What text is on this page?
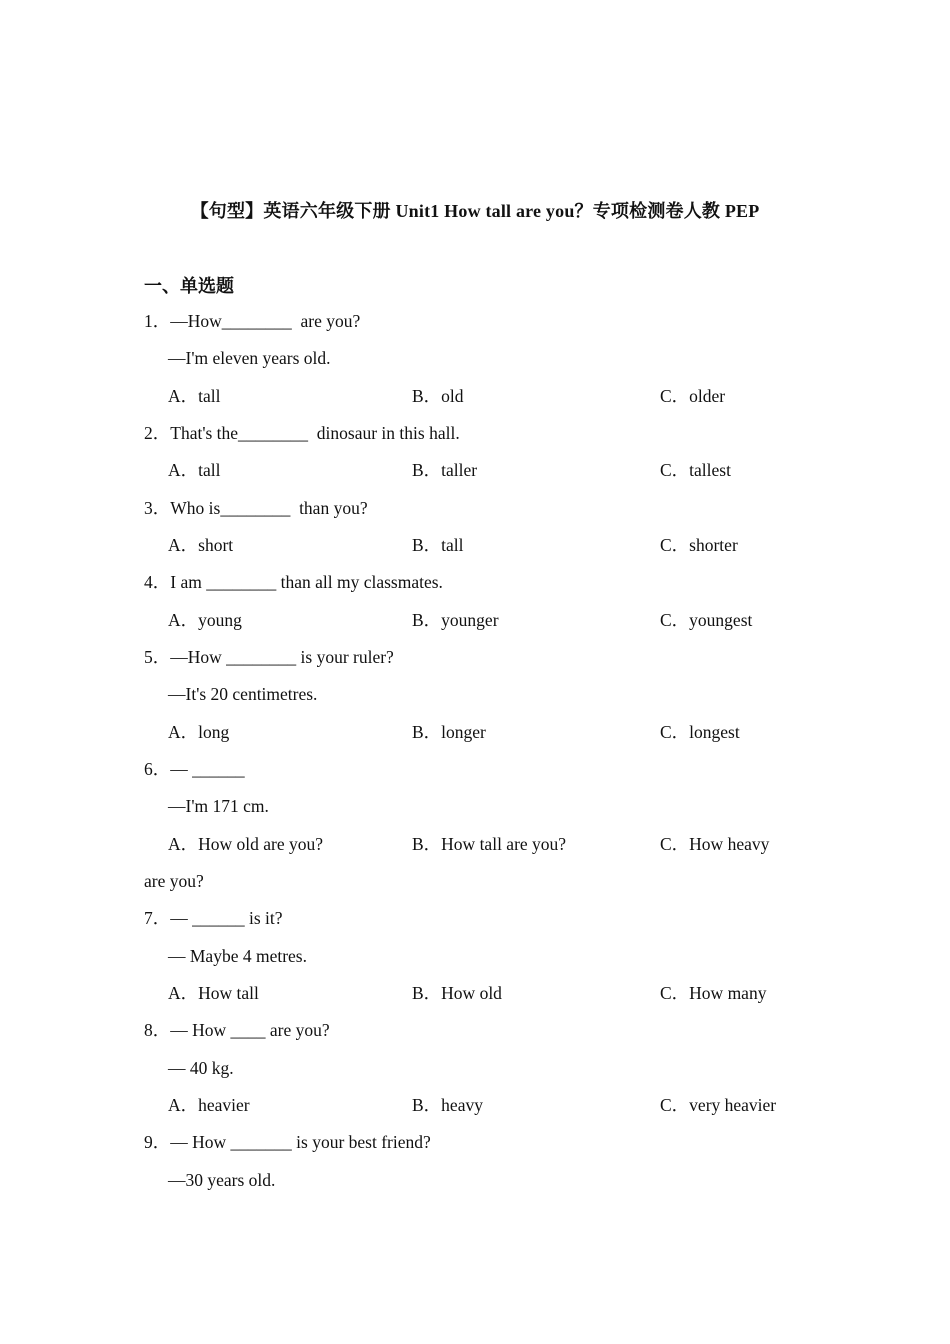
【句型】英语六年级下册 Unit1 How tall are you？专项检测卷人教 PEP
一、单选题
1．—How________  are you?
—I'm eleven years old.
A．tall	B．old	C．older
2．That's the________  dinosaur in this hall.
A．tall	B．taller	C．tallest
3．Who is________  than you?
A．short	B．tall	C．shorter
4．I am ________ than all my classmates.
A．young	B．younger	C．youngest
5．—How ________ is your ruler?
—It's 20 centimetres.
A．long	B．longer	C．longest
6．— ______
—I'm 171 cm.
A．How old are you?	B．How tall are you?	C．How heavy
are you?
7．— ______ is it?
— Maybe 4 metres.
A．How tall	B．How old	C．How many
8．— How ____ are you?
— 40 kg.
A．heavier	B．heavy	C．very heavier
9．— How _______ is your best friend?
—30 years old.
